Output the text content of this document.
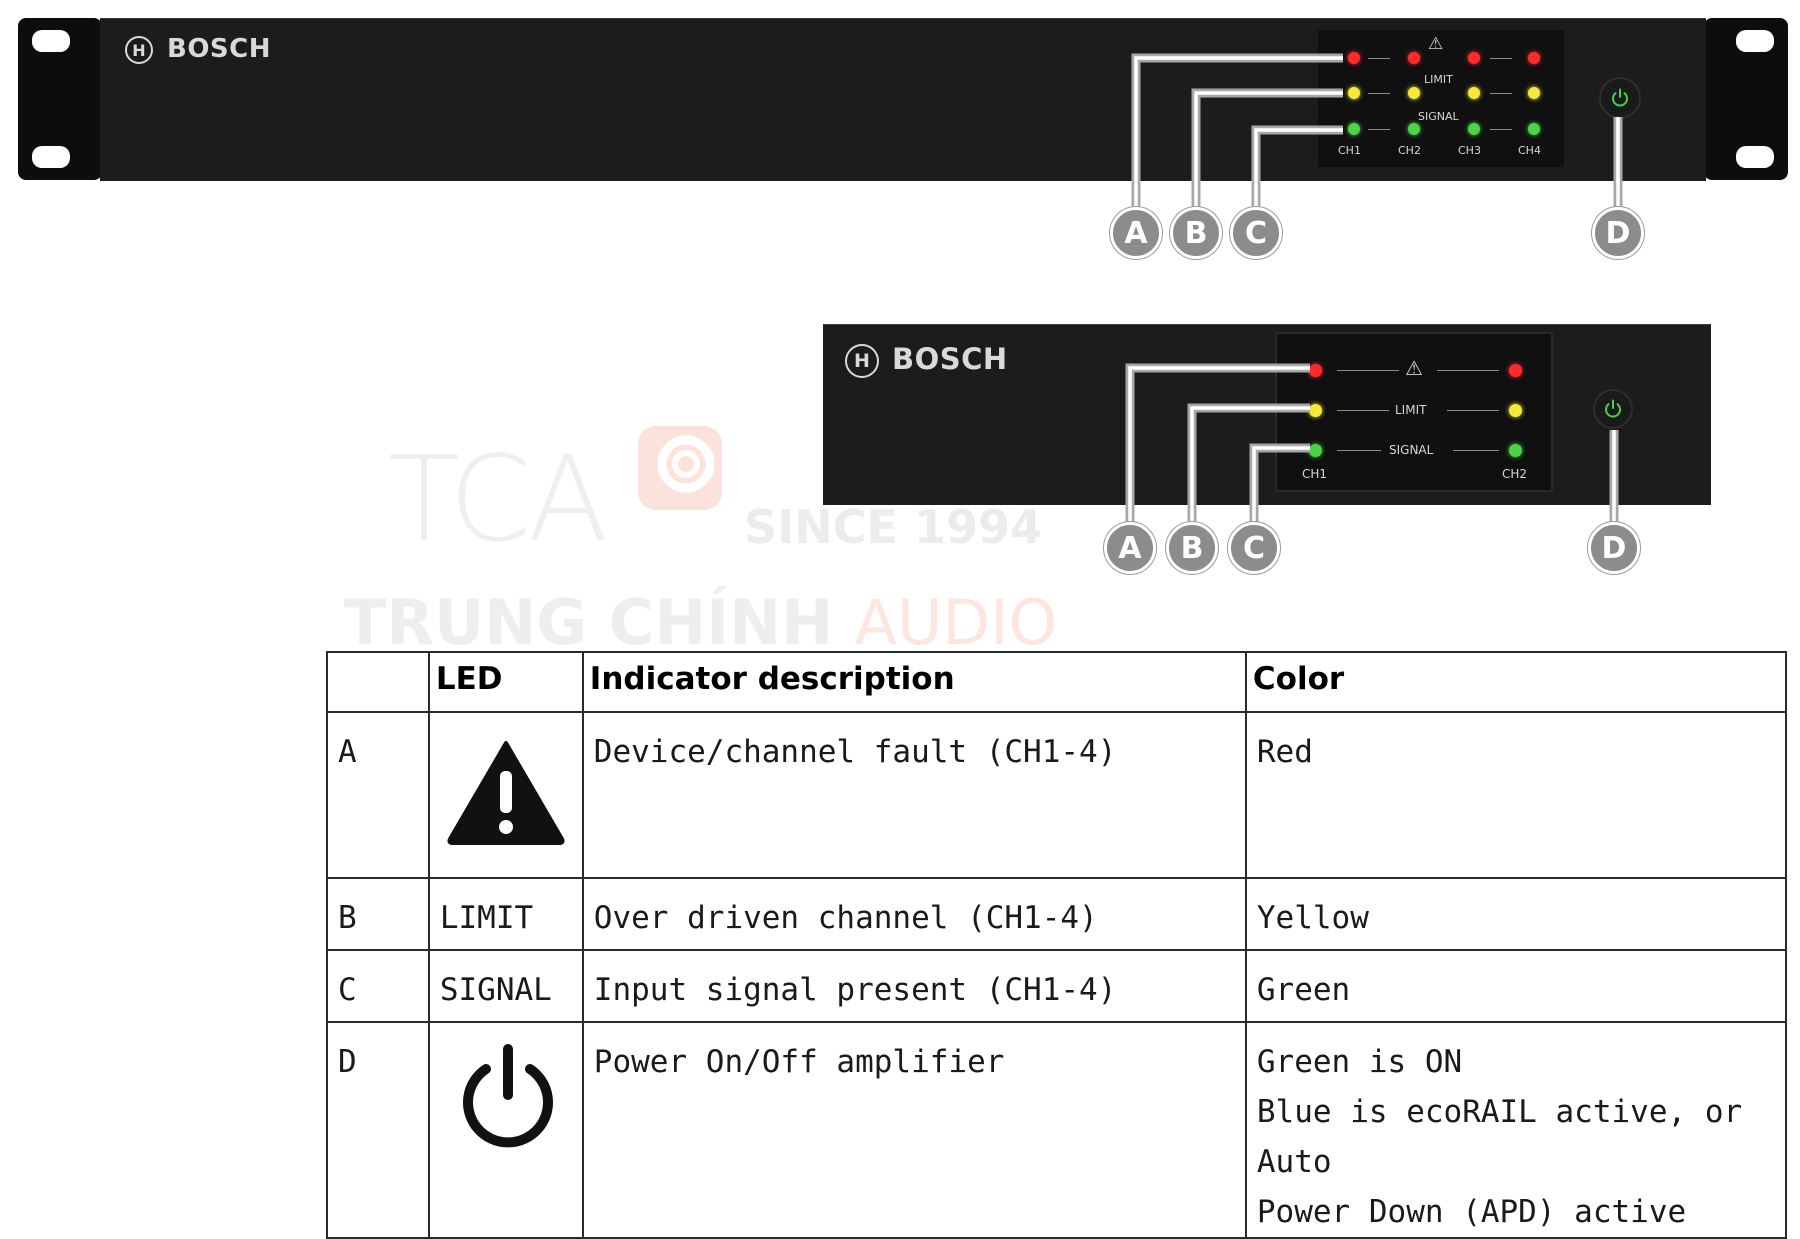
H BOSCH	⚠
LIMIT
SIGNAL
CH1	CH2	CH3	CH4
A	B	C	D
H BOSCH	⚠
LIMIT
SIGNAL
CH1	CH2
A	B	C	D
TCA	SINCE 1994
TRUNG CHÍNH AUDIO
	LED	Indicator description	Color
A		Device/channel fault (CH1-4)	Red

B	LIMIT	Over driven channel (CH1-4)	Yellow

C	SIGNAL	Input signal present (CH1-4)	Green

D		Power On/Off amplifier	Green is ON
Blue is ecoRAIL active, or Auto
Power Down (APD) active
